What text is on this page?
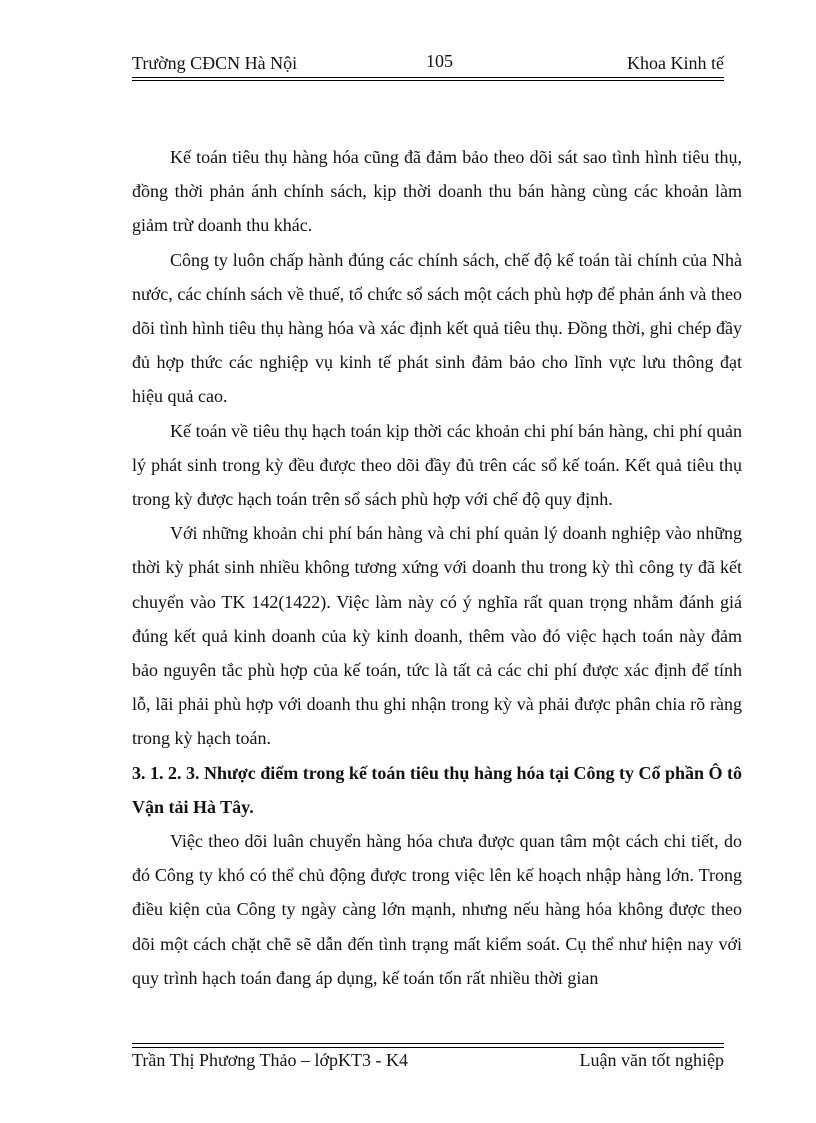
Trường CĐCN Hà Nội	105	Khoa Kinh tế

Kế toán tiêu thụ hàng hóa cũng đã đảm bảo theo dõi sát sao tình hình tiêu thụ, đồng thời phản ánh chính sách, kịp thời doanh thu bán hàng cùng các khoản làm giảm trừ doanh thu khác.

Công ty luôn chấp hành đúng các chính sách, chế độ kế toán tài chính của Nhà nước, các chính sách về thuế, tổ chức sổ sách một cách phù hợp để phản ánh và theo dõi tình hình tiêu thụ hàng hóa và xác định kết quả tiêu thụ. Đồng thời, ghi chép đầy đủ hợp thức các nghiệp vụ kinh tế phát sinh đảm bảo cho lĩnh vực lưu thông đạt hiệu quả cao.

Kế toán về tiêu thụ hạch toán kịp thời các khoản chi phí bán hàng, chi phí quản lý phát sinh trong kỳ đều được theo dõi đầy đủ trên các sổ kế toán. Kết quả tiêu thụ trong kỳ được hạch toán trên sổ sách phù hợp với chế độ quy định.

Với những khoản chi phí bán hàng và chi phí quản lý doanh nghiệp vào những thời kỳ phát sinh nhiều không tương xứng với doanh thu trong kỳ thì công ty đã kết chuyển vào TK 142(1422). Việc làm này có ý nghĩa rất quan trọng nhằm đánh giá đúng kết quả kinh doanh của kỳ kinh doanh, thêm vào đó việc hạch toán này đảm bảo nguyên tắc phù hợp của kế toán, tức là tất cả các chi phí được xác định để tính lỗ, lãi phải phù hợp với doanh thu ghi nhận trong kỳ và phải được phân chia rõ ràng trong kỳ hạch toán.

3. 1. 2. 3. Nhược điểm trong kế toán tiêu thụ hàng hóa tại Công ty Cổ phần Ô tô Vận tải Hà Tây.

Việc theo dõi luân chuyển hàng hóa chưa được quan tâm một cách chi tiết, do đó Công ty khó có thể chủ động được trong việc lên kế hoạch nhập hàng lớn. Trong điều kiện của Công ty ngày càng lớn mạnh, nhưng nếu hàng hóa không được theo dõi một cách chặt chẽ sẽ dẫn đến tình trạng mất kiểm soát. Cụ thể như hiện nay với quy trình hạch toán đang áp dụng, kế toán tốn rất nhiều thời gian

Trần Thị Phương Thảo – lớpKT3 - K4	Luận văn tốt nghiệp
